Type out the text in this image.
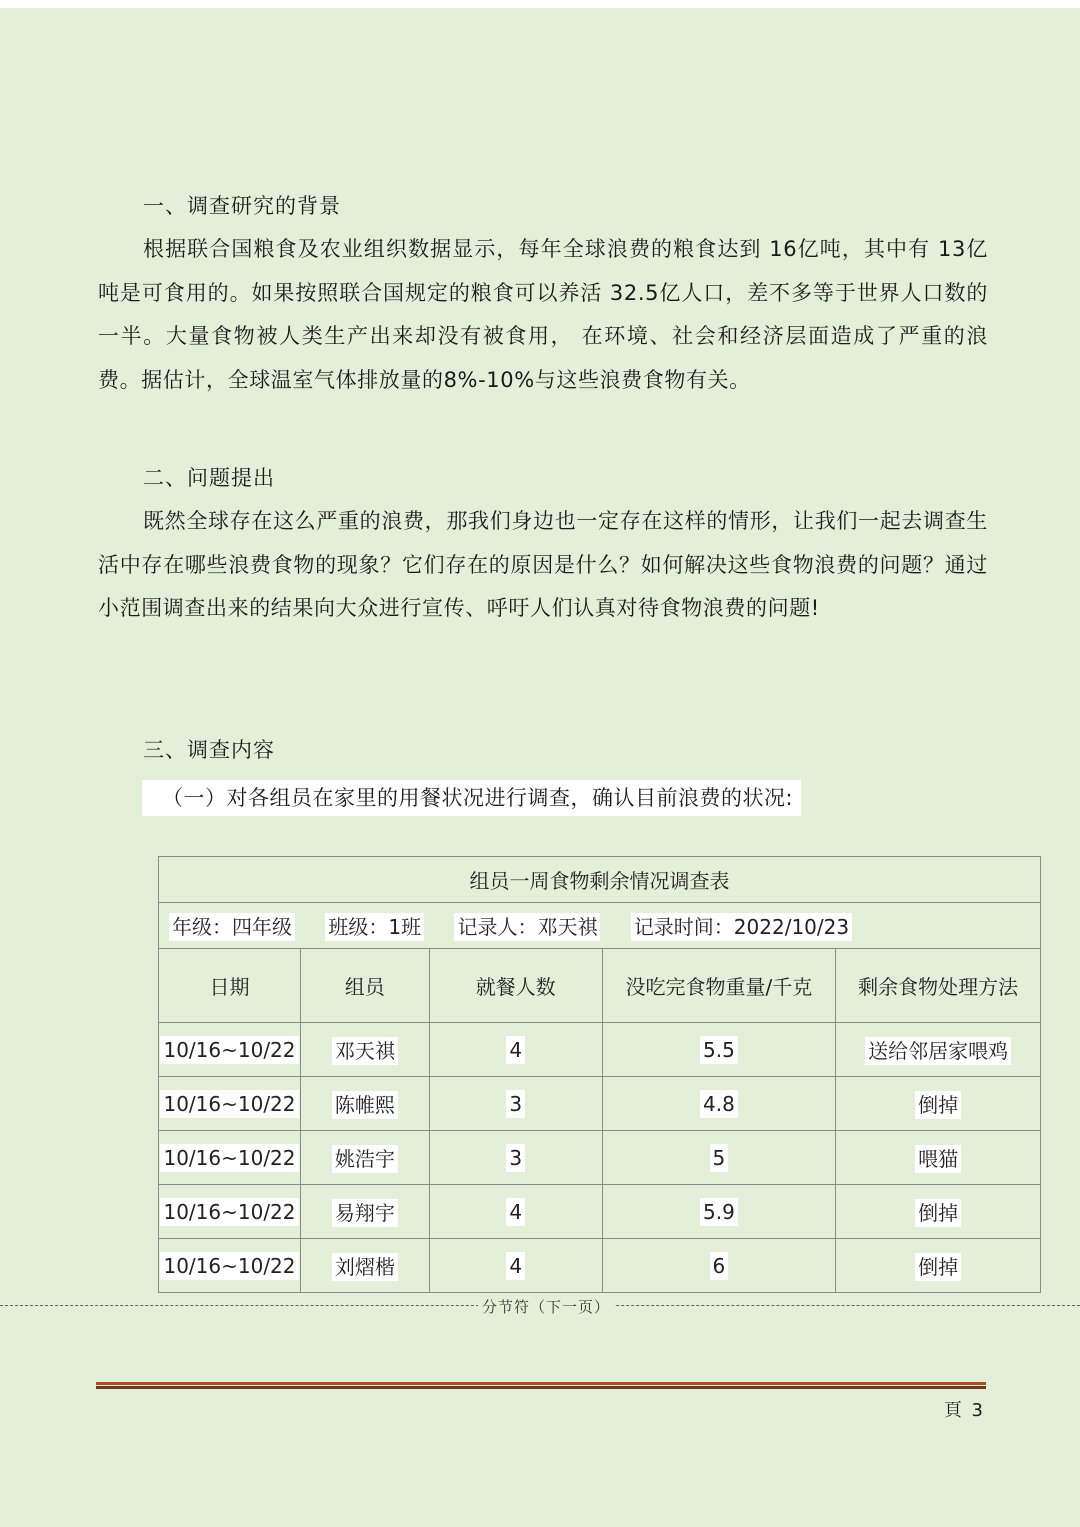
一、调查研究的背景

根据联合国粮食及农业组织数据显示，每年全球浪费的粮食达到 16亿吨，其中有 13亿吨是可食用的。如果按照联合国规定的粮食可以养活 32.5亿人口，差不多等于世界人口数的一半。大量食物被人类生产出来却没有被食用， 在环境、社会和经济层面造成了严重的浪费。据估计，全球温室气体排放量的8%-10%与这些浪费食物有关。

二、问题提出

既然全球存在这么严重的浪费，那我们身边也一定存在这样的情形，让我们一起去调查生活中存在哪些浪费食物的现象？它们存在的原因是什么？如何解决这些食物浪费的问题？通过小范围调查出来的结果向大众进行宣传、呼吁人们认真对待食物浪费的问题!

三、调查内容
（一）对各组员在家里的用餐状况进行调查，确认目前浪费的状况:
组员一周食物剩余情况调查表				
年级：四年级 班级：1班 记录人：邓天祺 记录时间：2022/10/23				
日期	组员	就餐人数	没吃完食物重量/千克	剩余食物处理方法
10/16~10/22	邓天祺	4	5.5	送给邻居家喂鸡
10/16~10/22	陈帷熙	3	4.8	倒掉
10/16~10/22	姚浩宇	3	5	喂猫
10/16~10/22	易翔宇	4	5.9	倒掉
10/16~10/22	刘熠楷	4	6	倒掉
分节符（下一页）
頁 3
